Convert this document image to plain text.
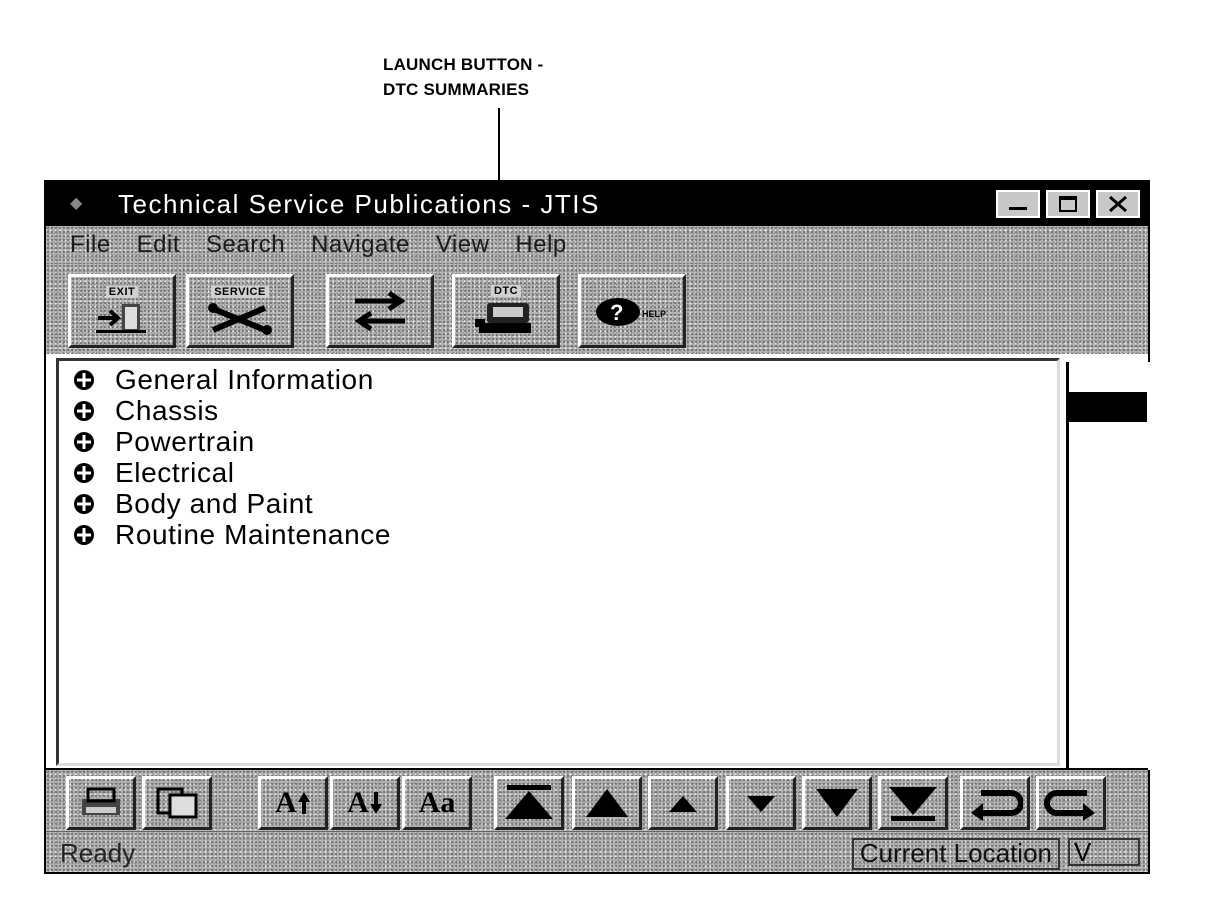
LAUNCH BUTTON -
DTC SUMMARIES
◆ Technical Service Publications - JTIS
File Edit Search Navigate View Help
EXIT	SERVICE	DTC
? HELP
General Information
Chassis
Powertrain
Electrical
Body and Paint
Routine Maintenance
A A Aa
Ready	Current Location V
